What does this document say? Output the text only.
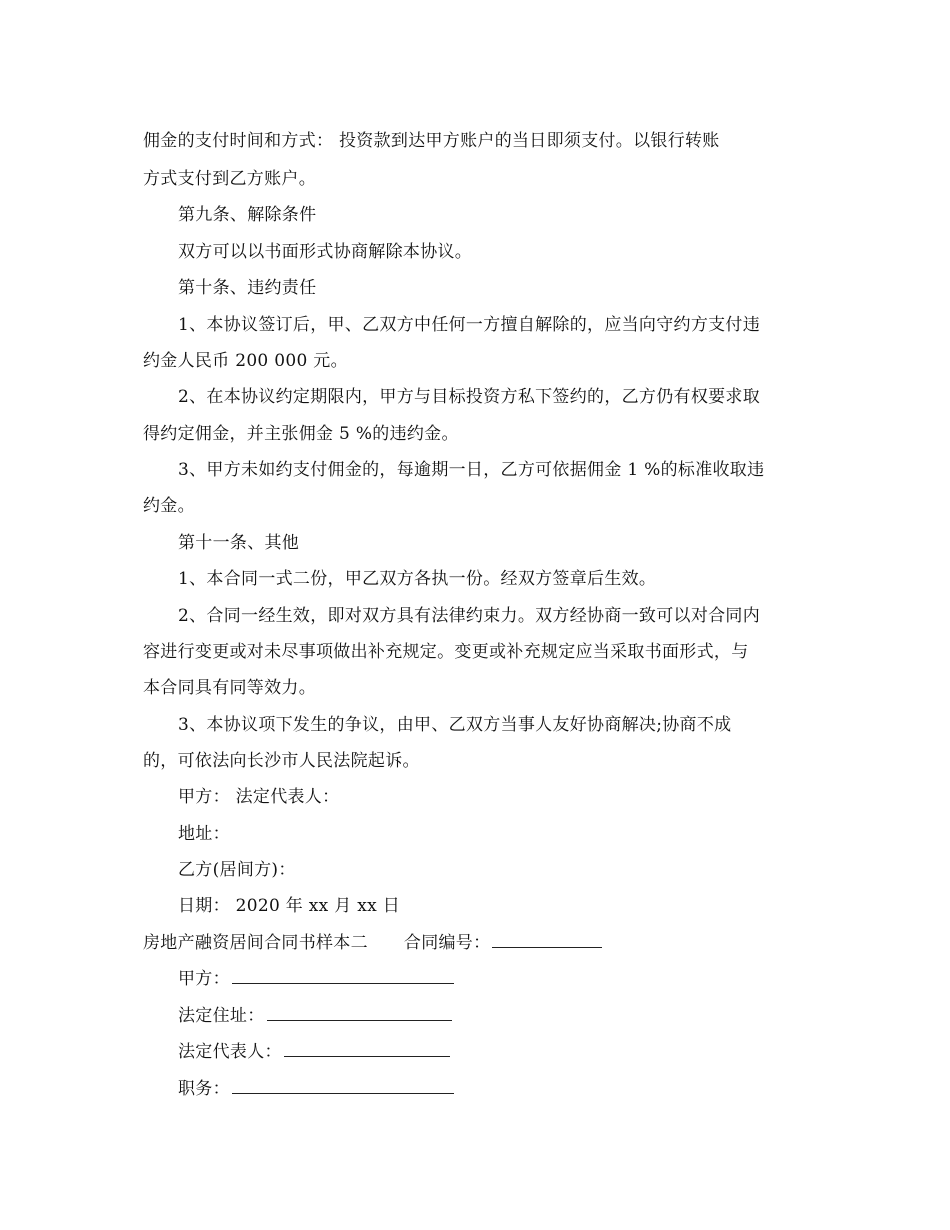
佣金的支付时间和方式： 投资款到达甲方账户的当日即须支付。以银行转账
方式支付到乙方账户。
第九条、解除条件
双方可以以书面形式协商解除本协议。
第十条、违约责任
1、本协议签订后，甲、乙双方中任何一方擅自解除的，应当向守约方支付违
约金人民币 200 000 元。
2、在本协议约定期限内，甲方与目标投资方私下签约的，乙方仍有权要求取
得约定佣金，并主张佣金 5 %的违约金。
3、甲方未如约支付佣金的，每逾期一日，乙方可依据佣金 1 %的标准收取违
约金。
第十一条、其他
1、本合同一式二份，甲乙双方各执一份。经双方签章后生效。
2、合同一经生效，即对双方具有法律约束力。双方经协商一致可以对合同内
容进行变更或对未尽事项做出补充规定。变更或补充规定应当采取书面形式，与
本合同具有同等效力。
3、本协议项下发生的争议，由甲、乙双方当事人友好协商解决;协商不成
的，可依法向长沙市人民法院起诉。
甲方： 法定代表人：
地址：
乙方(居间方)：
日期： 2020 年 xx 月 xx 日
房地产融资居间合同书样本二 合同编号：
甲方：
法定住址：
法定代表人：
职务：
